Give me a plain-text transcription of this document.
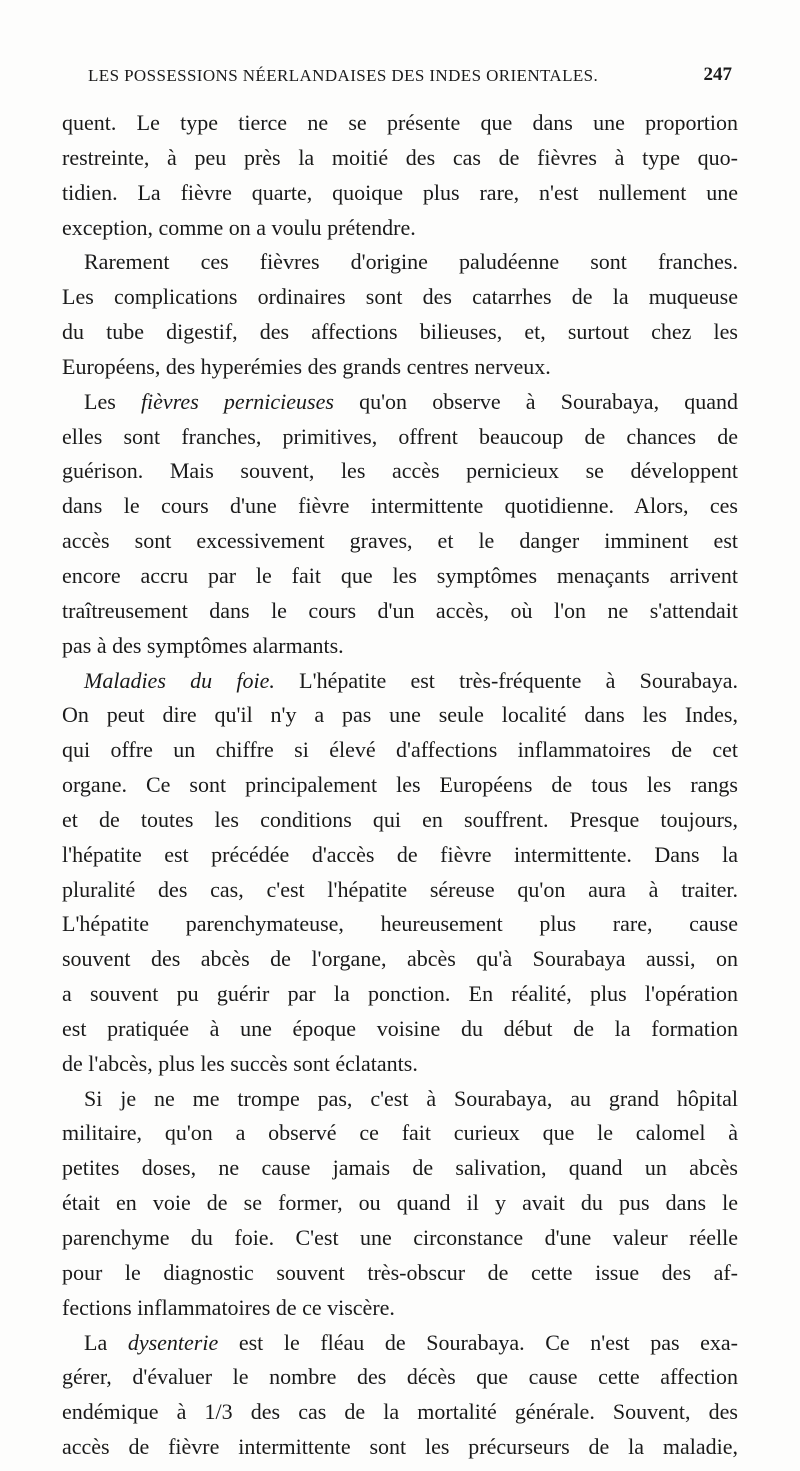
LES POSSESSIONS NÉERLANDAISES DES INDES ORIENTALES.	247
quent. Le type tierce ne se présente que dans une proportion
restreinte, à peu près la moitié des cas de fièvres à type quo-
tidien. La fièvre quarte, quoique plus rare, n'est nullement une
exception, comme on a voulu prétendre.
Rarement ces fièvres d'origine paludéenne sont franches.
Les complications ordinaires sont des catarrhes de la muqueuse
du tube digestif, des affections bilieuses, et, surtout chez les
Européens, des hyperémies des grands centres nerveux.
Les fièvres pernicieuses qu'on observe à Sourabaya, quand
elles sont franches, primitives, offrent beaucoup de chances de
guérison. Mais souvent, les accès pernicieux se développent
dans le cours d'une fièvre intermittente quotidienne. Alors, ces
accès sont excessivement graves, et le danger imminent est
encore accru par le fait que les symptômes menaçants arrivent
traîtreusement dans le cours d'un accès, où l'on ne s'attendait
pas à des symptômes alarmants.
Maladies du foie. L'hépatite est très-fréquente à Sourabaya.
On peut dire qu'il n'y a pas une seule localité dans les Indes,
qui offre un chiffre si élevé d'affections inflammatoires de cet
organe. Ce sont principalement les Européens de tous les rangs
et de toutes les conditions qui en souffrent. Presque toujours,
l'hépatite est précédée d'accès de fièvre intermittente. Dans la
pluralité des cas, c'est l'hépatite séreuse qu'on aura à traiter.
L'hépatite parenchymateuse, heureusement plus rare, cause
souvent des abcès de l'organe, abcès qu'à Sourabaya aussi, on
a souvent pu guérir par la ponction. En réalité, plus l'opération
est pratiquée à une époque voisine du début de la formation
de l'abcès, plus les succès sont éclatants.
Si je ne me trompe pas, c'est à Sourabaya, au grand hôpital
militaire, qu'on a observé ce fait curieux que le calomel à
petites doses, ne cause jamais de salivation, quand un abcès
était en voie de se former, ou quand il y avait du pus dans le
parenchyme du foie. C'est une circonstance d'une valeur réelle
pour le diagnostic souvent très-obscur de cette issue des af-
fections inflammatoires de ce viscère.
La dysenterie est le fléau de Sourabaya. Ce n'est pas exa-
gérer, d'évaluer le nombre des décès que cause cette affection
endémique à 1/3 des cas de la mortalité générale. Souvent, des
accès de fièvre intermittente sont les précurseurs de la maladie,
